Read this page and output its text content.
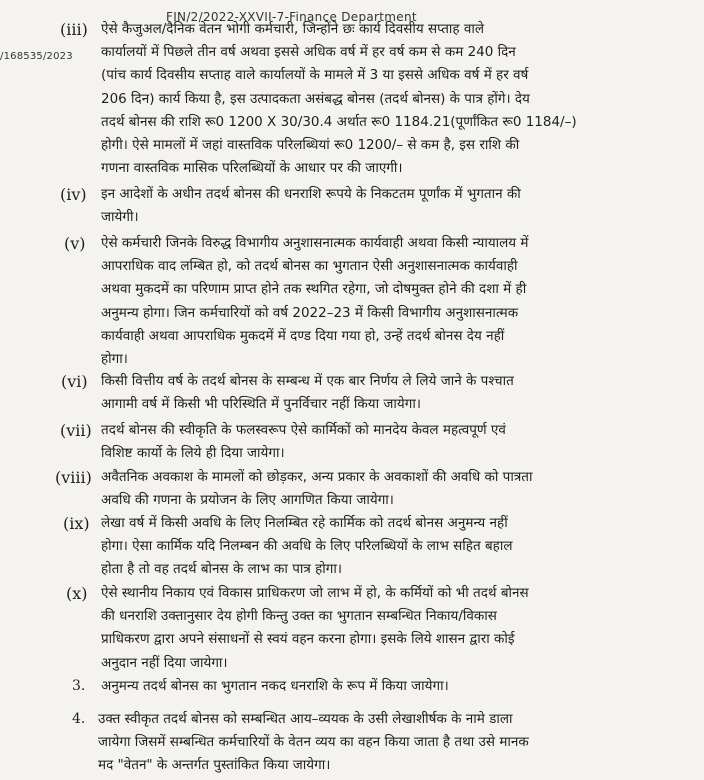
/168535/2023
FIN/2/2022-XXVII-7-Finance Department
(iii) ऐसे कैजुअल/दैनिक वेतन भोगी कर्मचारी, जिन्होंने छः कार्य दिवसीय सप्ताह वाले
कार्यालयों में पिछले तीन वर्ष अथवा इससे अधिक वर्ष में हर वर्ष कम से कम 240 दिन
(पांच कार्य दिवसीय सप्ताह वाले कार्यालयों के मामले में 3 या इससे अधिक वर्ष में हर वर्ष
206 दिन) कार्य किया है, इस उत्पादकता असंबद्ध बोनस (तदर्थ बोनस) के पात्र होंगे। देय
तदर्थ बोनस की राशि रू0 1200 X 30/30.4 अर्थात रू0 1184.21(पूर्णांकित रू0 1184/–)
होगी। ऐसे मामलों में जहां वास्तविक परिलब्धियां रू0 1200/– से कम है, इस राशि की
गणना वास्तविक मासिक परिलब्धियों के आधार पर की जाएगी।
(iv) इन आदेशों के अधीन तदर्थ बोनस की धनराशि रूपये के निकटतम पूर्णांक में भुगतान की
जायेगी।
(v) ऐसे कर्मचारी जिनके विरुद्ध विभागीय अनुशासनात्मक कार्यवाही अथवा किसी न्यायालय में
आपराधिक वाद लम्बित हो, को तदर्थ बोनस का भुगतान ऐसी अनुशासनात्मक कार्यवाही
अथवा मुकदमें का परिणाम प्राप्त होने तक स्थगित रहेगा, जो दोषमुक्त होने की दशा में ही
अनुमन्य होगा। जिन कर्मचारियों को वर्ष 2022–23 में किसी विभागीय अनुशासनात्मक
कार्यवाही अथवा आपराधिक मुकदमें में दण्ड दिया गया हो, उन्हें तदर्थ बोनस देय नहीं
होगा।
(vi) किसी वित्तीय वर्ष के तदर्थ बोनस के सम्बन्ध में एक बार निर्णय ले लिये जाने के पश्चात
आगामी वर्ष में किसी भी परिस्थिति में पुनर्विचार नहीं किया जायेगा।
(vii) तदर्थ बोनस की स्वीकृति के फलस्वरूप ऐसे कार्मिकों को मानदेय केवल महत्वपूर्ण एवं
विशिष्ट कार्यो के लिये ही दिया जायेगा।
(viii) अवैतनिक अवकाश के मामलों को छोड़कर, अन्य प्रकार के अवकाशों की अवधि को पात्रता
अवधि की गणना के प्रयोजन के लिए आगणित किया जायेगा।
(ix) लेखा वर्ष में किसी अवधि के लिए निलम्बित रहे कार्मिक को तदर्थ बोनस अनुमन्य नहीं
होगा। ऐसा कार्मिक यदि निलम्बन की अवधि के लिए परिलब्धियों के लाभ सहित बहाल
होता है तो वह तदर्थ बोनस के लाभ का पात्र होगा।
(x) ऐसे स्थानीय निकाय एवं विकास प्राधिकरण जो लाभ में हो, के कर्मियों को भी तदर्थ बोनस
की धनराशि उक्तानुसार देय होगी किन्तु उक्त का भुगतान सम्बन्धित निकाय/विकास
प्राधिकरण द्वारा अपने संसाधनों से स्वयं वहन करना होगा। इसके लिये शासन द्वारा कोई
अनुदान नहीं दिया जायेगा।
3. अनुमन्य तदर्थ बोनस का भुगतान नकद धनराशि के रूप में किया जायेगा।
4. उक्त स्वीकृत तदर्थ बोनस को सम्बन्धित आय–व्ययक के उसी लेखाशीर्षक के नामे डाला
जायेगा जिसमें सम्बन्धित कर्मचारियों के वेतन व्यय का वहन किया जाता है तथा उसे मानक
मद "वेतन" के अन्तर्गत पुस्तांकित किया जायेगा।
